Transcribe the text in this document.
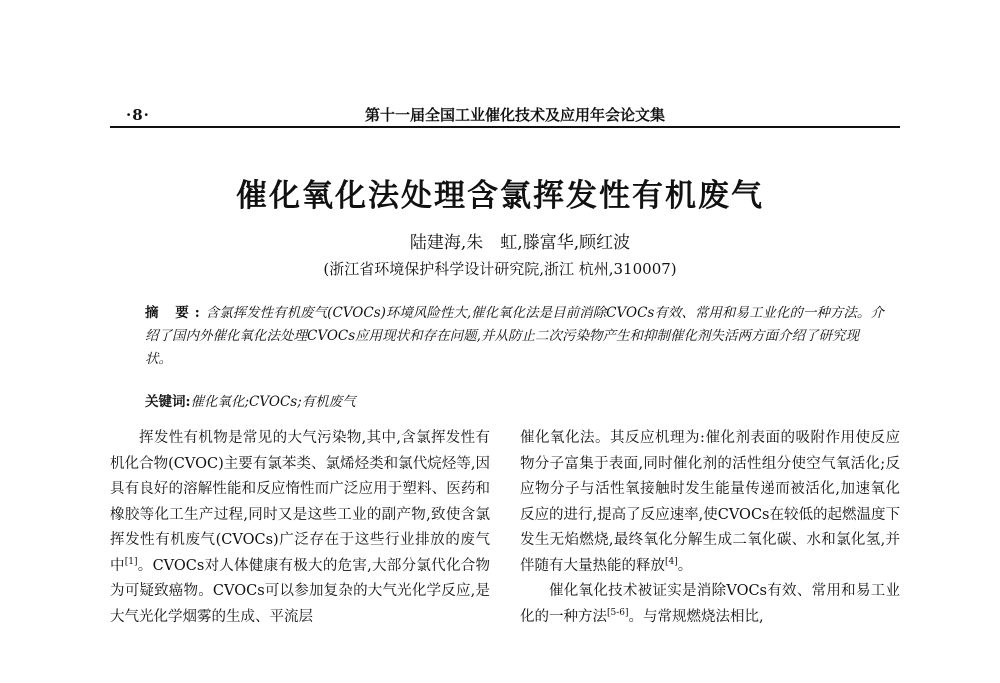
·8·	第十一届全国工业催化技术及应用年会论文集
催化氧化法处理含氯挥发性有机废气
陆建海,朱　虹,滕富华,顾红波
(浙江省环境保护科学设计研究院,浙江 杭州,310007)
摘 要:含氯挥发性有机废气(CVOCs)环境风险性大,催化氧化法是目前消除CVOCs有效、常用和易工业化的一种方法。介绍了国内外催化氧化法处理CVOCs应用现状和存在问题,并从防止二次污染物产生和抑制催化剂失活两方面介绍了研究现状。
关键词:催化氧化;CVOCs;有机废气

挥发性有机物是常见的大气污染物,其中,含氯挥发性有机化合物(CVOC)主要有氯苯类、氯烯烃类和氯代烷烃等,因具有良好的溶解性能和反应惰性而广泛应用于塑料、医药和橡胶等化工生产过程,同时又是这些工业的副产物,致使含氯挥发性有机废气(CVOCs)广泛存在于这些行业排放的废气中[1]。CVOCs对人体健康有极大的危害,大部分氯代化合物为可疑致癌物。CVOCs可以参加复杂的大气光化学反应,是大气光化学烟雾的生成、平流层

催化氧化法。其反应机理为:催化剂表面的吸附作用使反应物分子富集于表面,同时催化剂的活性组分使空气氧活化;反应物分子与活性氧接触时发生能量传递而被活化,加速氧化反应的进行,提高了反应速率,使CVOCs在较低的起燃温度下发生无焰燃烧,最终氧化分解生成二氧化碳、水和氯化氢,并伴随有大量热能的释放[4]。

催化氧化技术被证实是消除VOCs有效、常用和易工业化的一种方法[5-6]。与常规燃烧法相比,
